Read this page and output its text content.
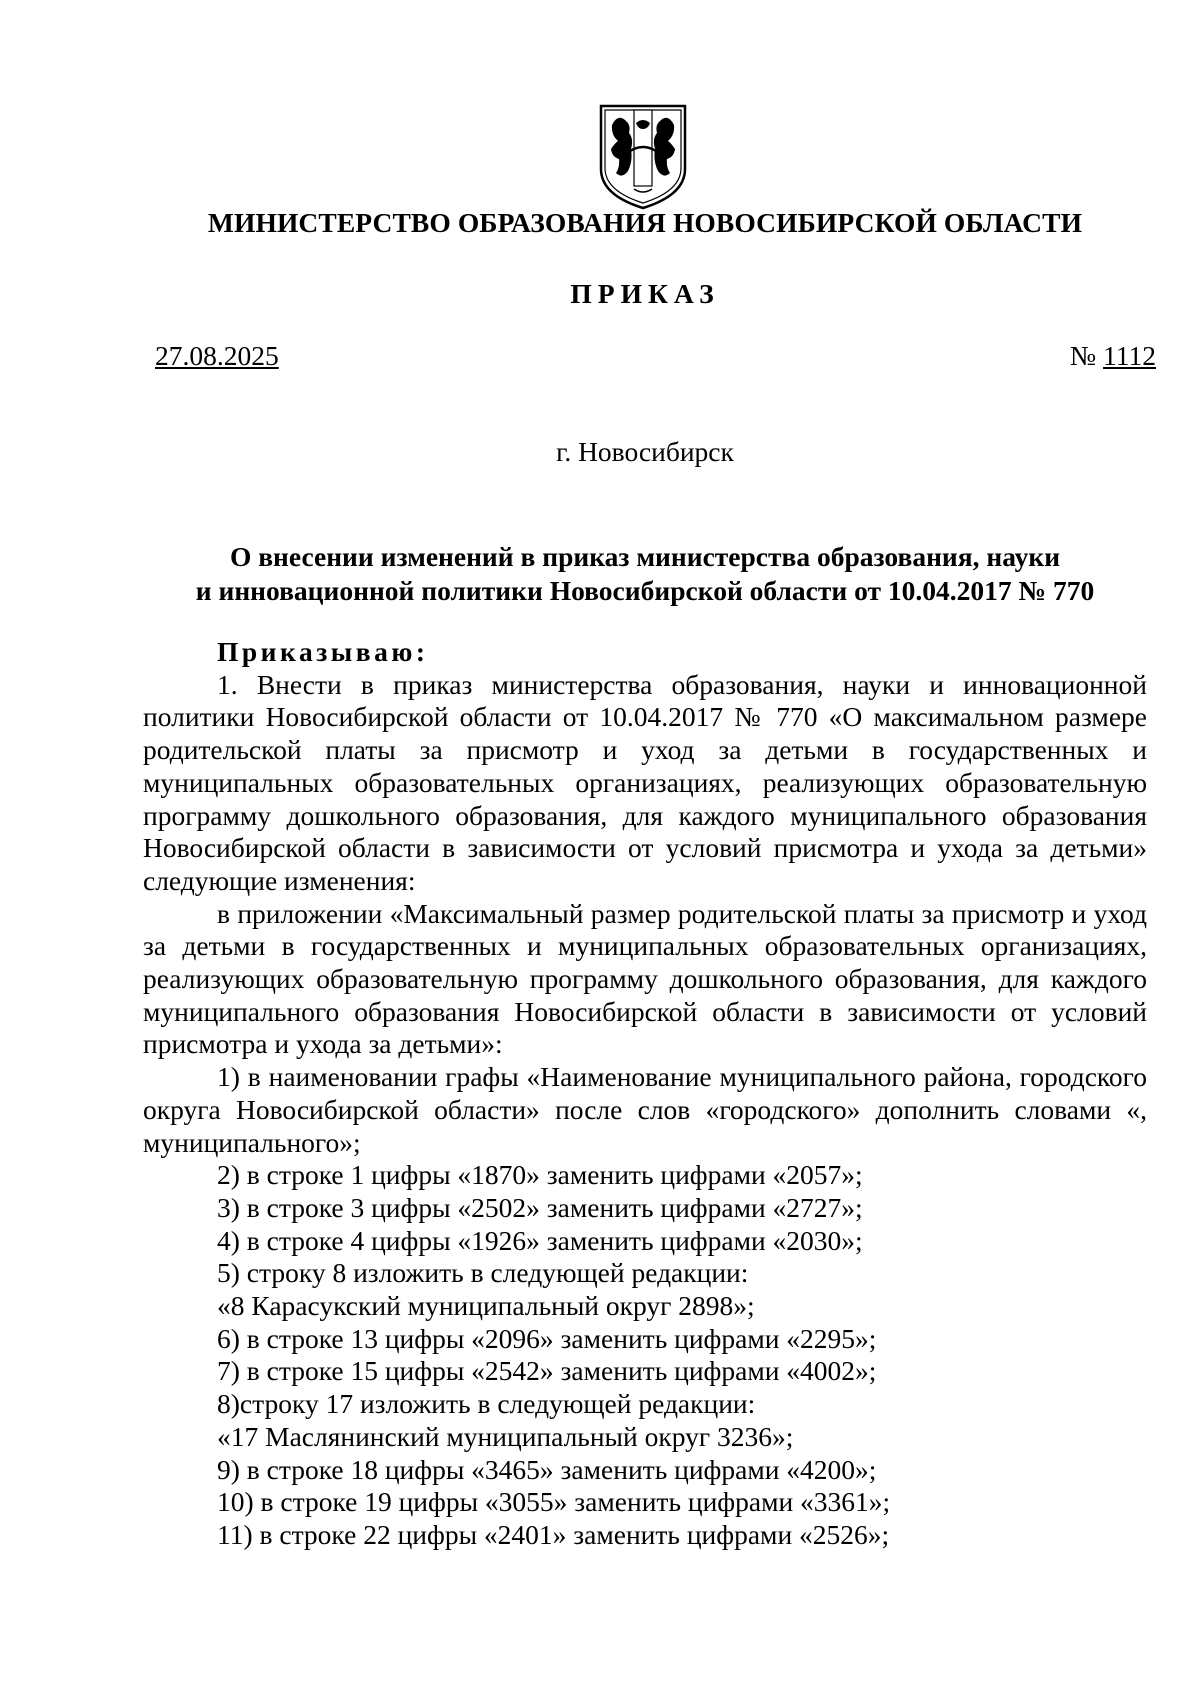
МИНИСТЕРСТВО ОБРАЗОВАНИЯ НОВОСИБИРСКОЙ ОБЛАСТИ
ПРИКАЗ
27.08.2025	№ 1112
г. Новосибирск
О внесении изменений в приказ министерства образования, науки
и инновационной политики Новосибирской области от 10.04.2017 № 770

Приказываю:

1. Внести в приказ министерства образования, науки и инновационной политики Новосибирской области от 10.04.2017 № 770 «О максимальном размере родительской платы за присмотр и уход за детьми в государственных и муниципальных образовательных организациях, реализующих образовательную программу дошкольного образования, для каждого муниципального образования Новосибирской области в зависимости от условий присмотра и ухода за детьми» следующие изменения:

в приложении «Максимальный размер родительской платы за присмотр и уход за детьми в государственных и муниципальных образовательных организациях, реализующих образовательную программу дошкольного образования, для каждого муниципального образования Новосибирской области в зависимости от условий присмотра и ухода за детьми»:

1) в наименовании графы «Наименование муниципального района, городского округа Новосибирской области» после слов «городского» дополнить словами «, муниципального»;

2) в строке 1 цифры «1870» заменить цифрами «2057»;

3) в строке 3 цифры «2502» заменить цифрами «2727»;

4) в строке 4 цифры «1926» заменить цифрами «2030»;

5) строку 8 изложить в следующей редакции:

«8 Карасукский муниципальный округ 2898»;

6) в строке 13 цифры «2096» заменить цифрами «2295»;

7) в строке 15 цифры «2542» заменить цифрами «4002»;

8)строку 17 изложить в следующей редакции:

«17 Маслянинский муниципальный округ 3236»;

9) в строке 18 цифры «3465» заменить цифрами «4200»;

10) в строке 19 цифры «3055» заменить цифрами «3361»;

11) в строке 22 цифры «2401» заменить цифрами «2526»;
